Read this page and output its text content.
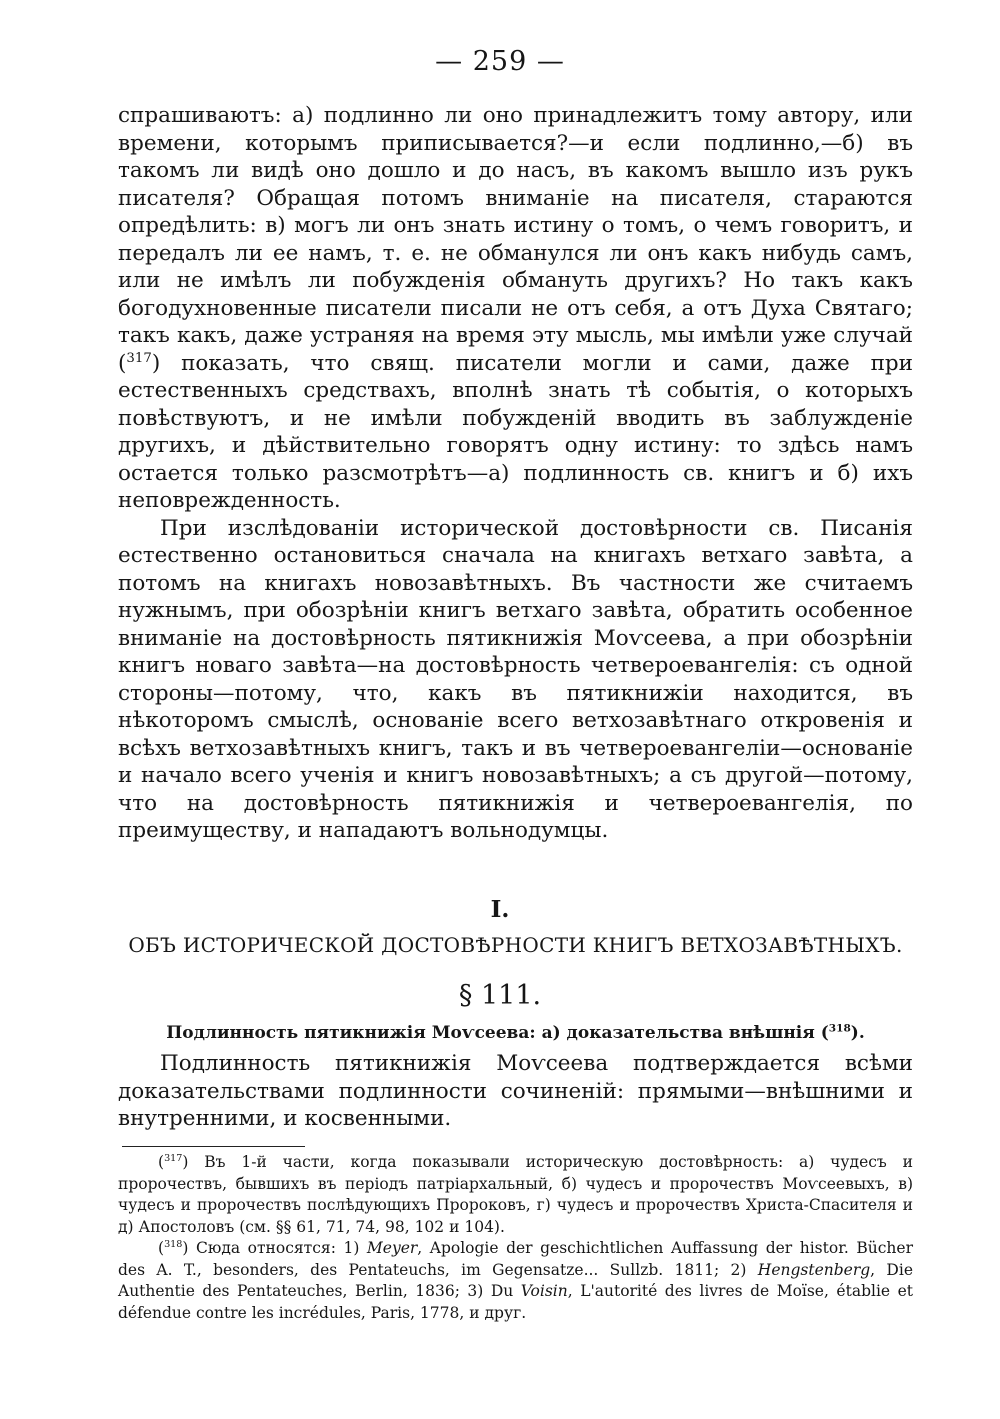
— 259 —

спрашиваютъ: а) подлинно ли оно принадлежитъ тому автору, или времени, которымъ приписывается?—и если подлинно,—б) въ такомъ ли видѣ оно дошло и до насъ, въ какомъ вышло изъ рукъ писателя? Обращая потомъ вниманіе на писателя, стараются опредѣлить: в) могъ ли онъ знать истину о томъ, о чемъ говоритъ, и передалъ ли ее намъ, т. е. не обманулся ли онъ какъ нибудь самъ, или не имѣлъ ли побужденія обмануть другихъ? Но такъ какъ богодухновенные писатели писали не отъ себя, а отъ Духа Святаго; такъ какъ, даже устраняя на время эту мысль, мы имѣли уже случай ($^{317}$) показать, что свящ. писатели могли и сами, даже при естественныхъ средствахъ, вполнѣ знать тѣ событія, о которыхъ повѣствуютъ, и не имѣли побужденій вводить въ заблужденіе другихъ, и дѣйствительно говорятъ одну истину: то здѣсь намъ остается только разсмотрѣтъ—а) подлинность св. книгъ и б) ихъ неповрежденность.

При изслѣдованіи исторической достовѣрности св. Писанія естественно остановиться сначала на книгахъ ветхаго завѣта, а потомъ на книгахъ новозавѣтныхъ. Въ частности же считаемъ нужнымъ, при обозрѣніи книгъ ветхаго завѣта, обратить особенное вниманіе на достовѣрность пятикнижія Моѵсеева, а при обозрѣніи книгъ новаго завѣта—на достовѣрность четвероевангелія: съ одной стороны—потому, что, какъ въ пятикнижіи находится, въ нѣкоторомъ смыслѣ, основаніе всего ветхозавѣтнаго откровенія и всѣхъ ветхозавѣтныхъ книгъ, такъ и въ четвероевангеліи—основаніе и начало всего ученія и книгъ новозавѣтныхъ; а съ другой—потому, что на достовѣрность пятикнижія и четвероевангелія, по преимуществу, и нападаютъ вольнодумцы.

I.
ОБЪ ИСТОРИЧЕСКОЙ ДОСТОВѢРНОСТИ КНИГЪ ВЕТХОЗАВѢТНЫХЪ.
§ 111.
Подлинность пятикнижія Моѵсеева: а) доказательства внѣшнія ($^{318}$).

Подлинность пятикнижія Моѵсеева подтверждается всѣми доказательствами подлинности сочиненій: прямыми—внѣшними и внутренними, и косвенными.

($^{317}$) Въ 1-й части, когда показывали историческую достовѣрность: а) чудесъ и пророчествъ, бывшихъ въ періодъ патріархальный, б) чудесъ и пророчествъ Моѵсеевыхъ, в) чудесъ и пророчествъ послѣдующихъ Пророковъ, г) чудесъ и пророчествъ Христа-Спасителя и д) Апостоловъ (см. §§ 61, 71, 74, 98, 102 и 104).

($^{318}$) Сюда относятся: 1) Meyer, Apologie der geschichtlichen Auffassung der histor. Bücher des A. T., besonders, des Pentateuchs, im Gegensatze... Sullzb. 1811; 2) Hengstenberg, Die Authentie des Pentateuches, Berlin, 1836; 3) Du Voisin, L'autorité des livres de Moïse, établie et défendue contre les incrédules, Paris, 1778, и друг.
